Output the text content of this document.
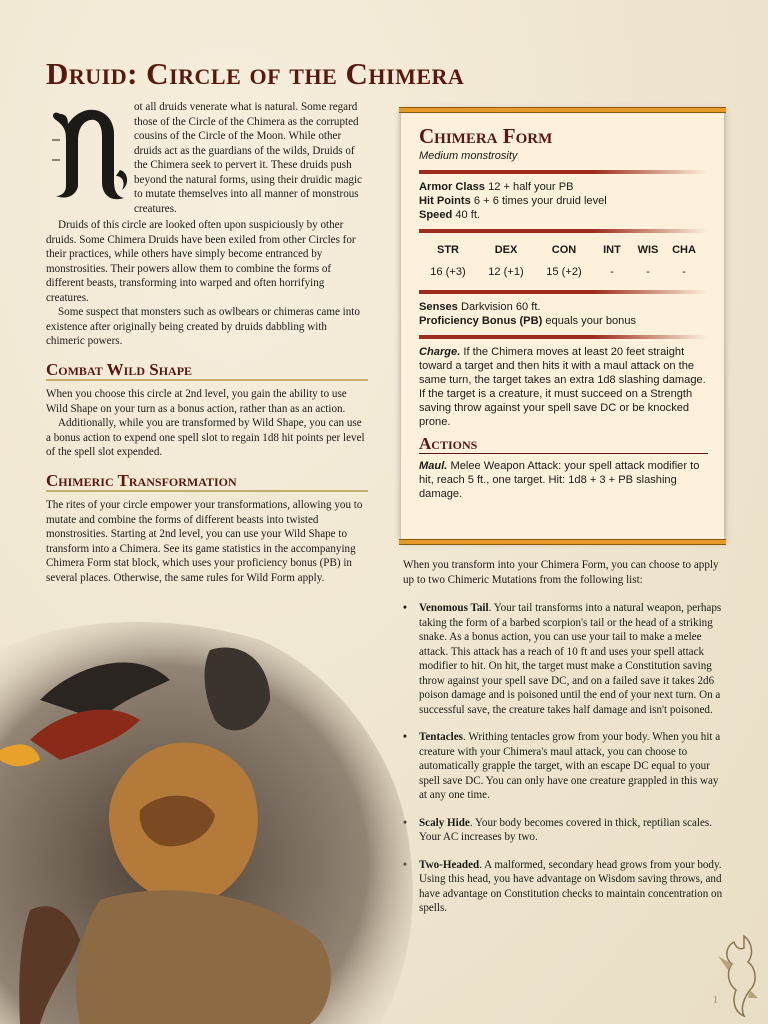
Druid: Circle of the Chimera

ot all druids venerate what is natural. Some regard those of the Circle of the Chimera as the corrupted cousins of the Circle of the Moon. While other druids act as the guardians of the wilds, Druids of the Chimera seek to pervert it. These druids push beyond the natural forms, using their druidic magic to mutate themselves into all manner of monstrous creatures.

Druids of this circle are looked often upon suspiciously by other druids. Some Chimera Druids have been exiled from other Circles for their practices, while others have simply become entranced by monstrosities. Their powers allow them to combine the forms of different beasts, transforming into warped and often horrifying creatures.

Some suspect that monsters such as owlbears or chimeras came into existence after originally being created by druids dabbling with chimeric powers.

Combat Wild Shape

When you choose this circle at 2nd level, you gain the ability to use Wild Shape on your turn as a bonus action, rather than as an action.

Additionally, while you are transformed by Wild Shape, you can use a bonus action to expend one spell slot to regain 1d8 hit points per level of the spell slot expended.

Chimeric Transformation

The rites of your circle empower your transformations, allowing you to mutate and combine the forms of different beasts into twisted monstrosities. Starting at 2nd level, you can use your Wild Shape to transform into a Chimera. See its game statistics in the accompanying Chimera Form stat block, which uses your proficiency bonus (PB) in several places. Otherwise, the same rules for Wild Form apply.

Chimera Form
Medium monstrosity
Armor Class 12 + half your PB
Hit Points 6 + 6 times your druid level
Speed 40 ft.
STR	DEX	CON	INT	WIS	CHA
16 (+3)	12 (+1)	15 (+2)	-	-	-
Senses Darkvision 60 ft.
Proficiency Bonus (PB) equals your bonus
Charge. If the Chimera moves at least 20 feet straight toward a target and then hits it with a maul attack on the same turn, the target takes an extra 1d8 slashing damage. If the target is a creature, it must succeed on a Strength saving throw against your spell save DC or be knocked prone.
Actions
Maul. Melee Weapon Attack: your spell attack modifier to hit, reach 5 ft., one target. Hit: 1d8 + 3 + PB slashing damage.

When you transform into your Chimera Form, you can choose to apply up to two Chimeric Mutations from the following list:

• Venomous Tail. Your tail transforms into a natural weapon, perhaps taking the form of a barbed scorpion's tail or the head of a striking snake. As a bonus action, you can use your tail to make a melee attack. This attack has a reach of 10 ft and uses your spell attack modifier to hit. On hit, the target must make a Constitution saving throw against your spell save DC, and on a failed save it takes 2d6 poison damage and is poisoned until the end of your next turn. On a successful save, the creature takes half damage and isn't poisoned.
• Tentacles. Writhing tentacles grow from your body. When you hit a creature with your Chimera's maul attack, you can choose to automatically grapple the target, with an escape DC equal to your spell save DC. You can only have one creature grappled in this way at any one time.
• Scaly Hide. Your body becomes covered in thick, reptilian scales. Your AC increases by two.
• Two-Headed. A malformed, secondary head grows from your body. Using this head, you have advantage on Wisdom saving throws, and have advantage on Constitution checks to maintain concentration on spells.
1
